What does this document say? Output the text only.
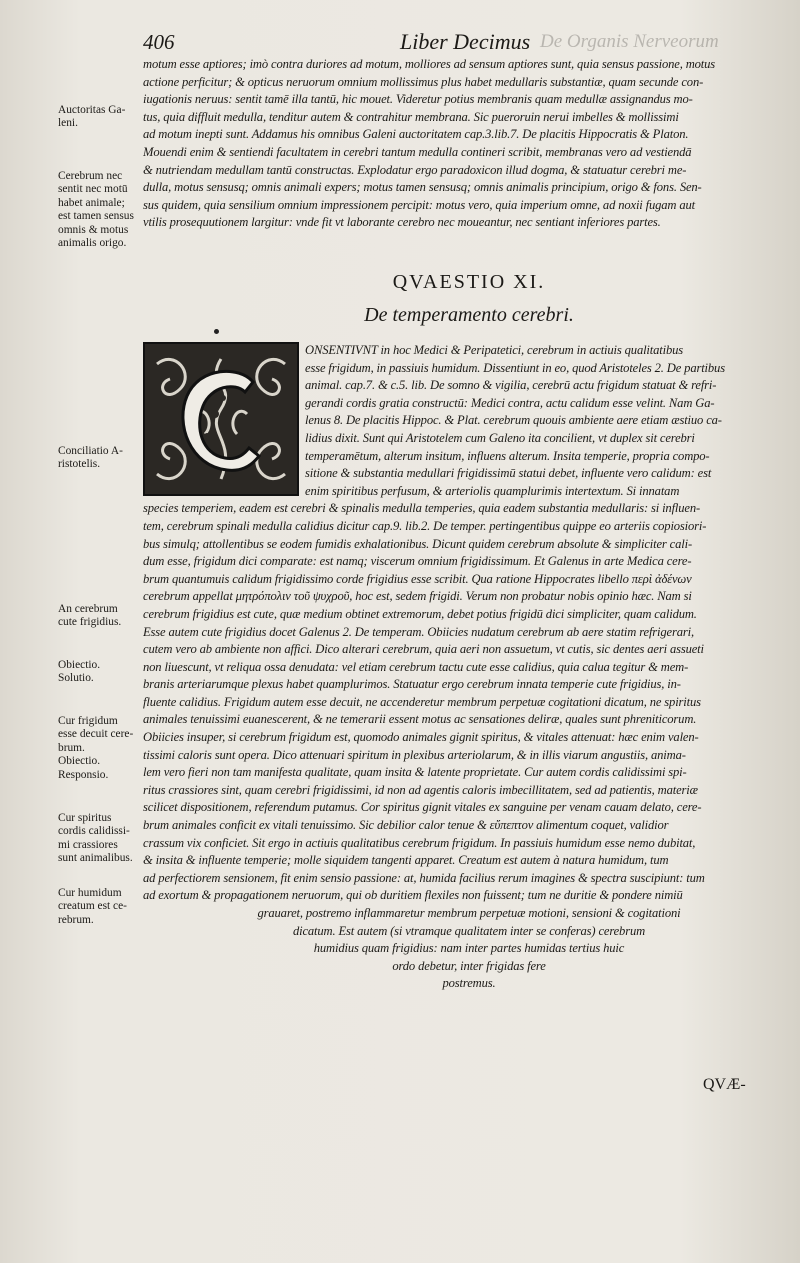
406	Liber Decimus De Organis Nerveorum
motum esse aptiores; imò contra duriores ad motum, molliores ad sensum aptiores sunt, quia sensus passione, motus
actione perficitur; & opticus neruorum omnium mollissimus plus habet medullaris substantiæ, quam secunde con-
iugationis neruus: sentit tamē illa tantū, hic mouet. Videretur potius membranis quam medullæ assignandus mo-
tus, quia diffluit medulla, tenditur autem & contrahitur membrana. Sic pueroruin nerui imbelles & mollissimi
ad motum inepti sunt. Addamus his omnibus Galeni auctoritatem cap.3.lib.7. De placitis Hippocratis & Platon.
Mouendi enim & sentiendi facultatem in cerebri tantum medulla contineri scribit, membranas vero ad vestiendā
& nutriendam medullam tantū constructas. Explodatur ergo paradoxicon illud dogma, & statuatur cerebri me-
dulla, motus sensusq; omnis animali expers; motus tamen sensusq; omnis animalis principium, origo & fons. Sen-
sus quidem, quia sensilium omnium impressionem percipit: motus vero, quia imperium omne, ad noxii fugam aut
vtilis prosequutionem largitur: vnde fit vt laborante cerebro nec moueantur, nec sentiant inferiores partes.
QVAESTIO XI.
De temperamento cerebri.
ONSENTIVNT in hoc Medici & Peripatetici, cerebrum in actiuis qualitatibus
esse frigidum, in passiuis humidum. Dissentiunt in eo, quod Aristoteles 2. De partibus
animal. cap.7. & c.5. lib. De somno & vigilia, cerebrū actu frigidum statuat & refri-
gerandi cordis gratia constructū: Medici contra, actu calidum esse velint. Nam Ga-
lenus 8. De placitis Hippoc. & Plat. cerebrum quouis ambiente aere etiam æstiuo ca-
lidius dixit. Sunt qui Aristotelem cum Galeno ita concilient, vt duplex sit cerebri
temperamētum, alterum insitum, influens alterum. Insita temperie, propria compo-
sitione & substantia medullari frigidissimū statui debet, influente vero calidum: est
enim spiritibus perfusum, & arteriolis quamplurimis intertextum. Si innatam
species temperiem, eadem est cerebri & spinalis medulla temperies, quia eadem substantia medullaris: si influen-
tem, cerebrum spinali medulla calidius dicitur cap.9. lib.2. De temper. pertingentibus quippe eo arteriis copiosiori-
bus simulq; attollentibus se eodem fumidis exhalationibus. Dicunt quidem cerebrum absolute & simpliciter cali-
dum esse, frigidum dici comparate: est namq; viscerum omnium frigidissimum. Et Galenus in arte Medica cere-
brum quantumuis calidum frigidissimo corde frigidius esse scribit. Qua ratione Hippocrates libello περὶ ἀδένων
cerebrum appellat μητρόπολιν τοῦ ψυχροῦ, hoc est, sedem frigidi. Verum non probatur nobis opinio hæc. Nam si
cerebrum frigidius est cute, quæ medium obtinet extremorum, debet potius frigidū dici simpliciter, quam calidum.
Esse autem cute frigidius docet Galenus 2. De temperam. Obiicies nudatum cerebrum ab aere statim refrigerari,
cutem vero ab ambiente non affici. Dico alterari cerebrum, quia aeri non assuetum, vt cutis, sic dentes aeri assueti
non liuescunt, vt reliqua ossa denudata: vel etiam cerebrum tactu cute esse calidius, quia calua tegitur & mem-
branis arteriarumque plexus habet quamplurimos. Statuatur ergo cerebrum innata temperie cute frigidius, in-
fluente calidius. Frigidum autem esse decuit, ne accenderetur membrum perpetuæ cogitationi dicatum, ne spiritus
animales tenuissimi euanescerent, & ne temerarii essent motus ac sensationes deliræ, quales sunt phreniticorum.
Obiicies insuper, si cerebrum frigidum est, quomodo animales gignit spiritus, & vitales attenuat: hæc enim valen-
tissimi caloris sunt opera. Dico attenuari spiritum in plexibus arteriolarum, & in illis viarum angustiis, anima-
lem vero fieri non tam manifesta qualitate, quam insita & latente proprietate. Cur autem cordis calidissimi spi-
ritus crassiores sint, quam cerebri frigidissimi, id non ad agentis caloris imbecillitatem, sed ad patientis, materiæ
scilicet dispositionem, referendum putamus. Cor spiritus gignit vitales ex sanguine per venam cauam delato, cere-
brum animales conficit ex vitali tenuissimo. Sic debilior calor tenue & εὔπεπτον alimentum coquet, validior
crassum vix conficiet. Sit ergo in actiuis qualitatibus cerebrum frigidum. In passiuis humidum esse nemo dubitat,
& insita & influente temperie; molle siquidem tangenti apparet. Creatum est autem à natura humidum, tum
ad perfectiorem sensionem, fit enim sensio passione: at, humida facilius rerum imagines & spectra suscipiunt: tum
ad exortum & propagationem neruorum, qui ob duritiem flexiles non fuissent; tum ne duritie & pondere nimiū
grauaret, postremo inflammaretur membrum perpetuæ motioni, sensioni & cogitationi
dicatum. Est autem (si vtramque qualitatem inter se conferas) cerebrum
humidius quam frigidius: nam inter partes humidas tertius huic
ordo debetur, inter frigidas fere
postremus.
Auctoritas Ga-
leni.
Cerebrum nec
sentit nec motū
habet animale;
est tamen sensus
omnis & motus
animalis origo.
Conciliatio A-
ristotelis.
An cerebrum
cute frigidius.
Obiectio.
Solutio.
Cur frigidum
esse decuit cere-
brum.
Obiectio.
Responsio.
Cur spiritus
cordis calidissi-
mi crassiores
sunt animalibus.
Cur humidum
creatum est ce-
rebrum.
QVÆ-
